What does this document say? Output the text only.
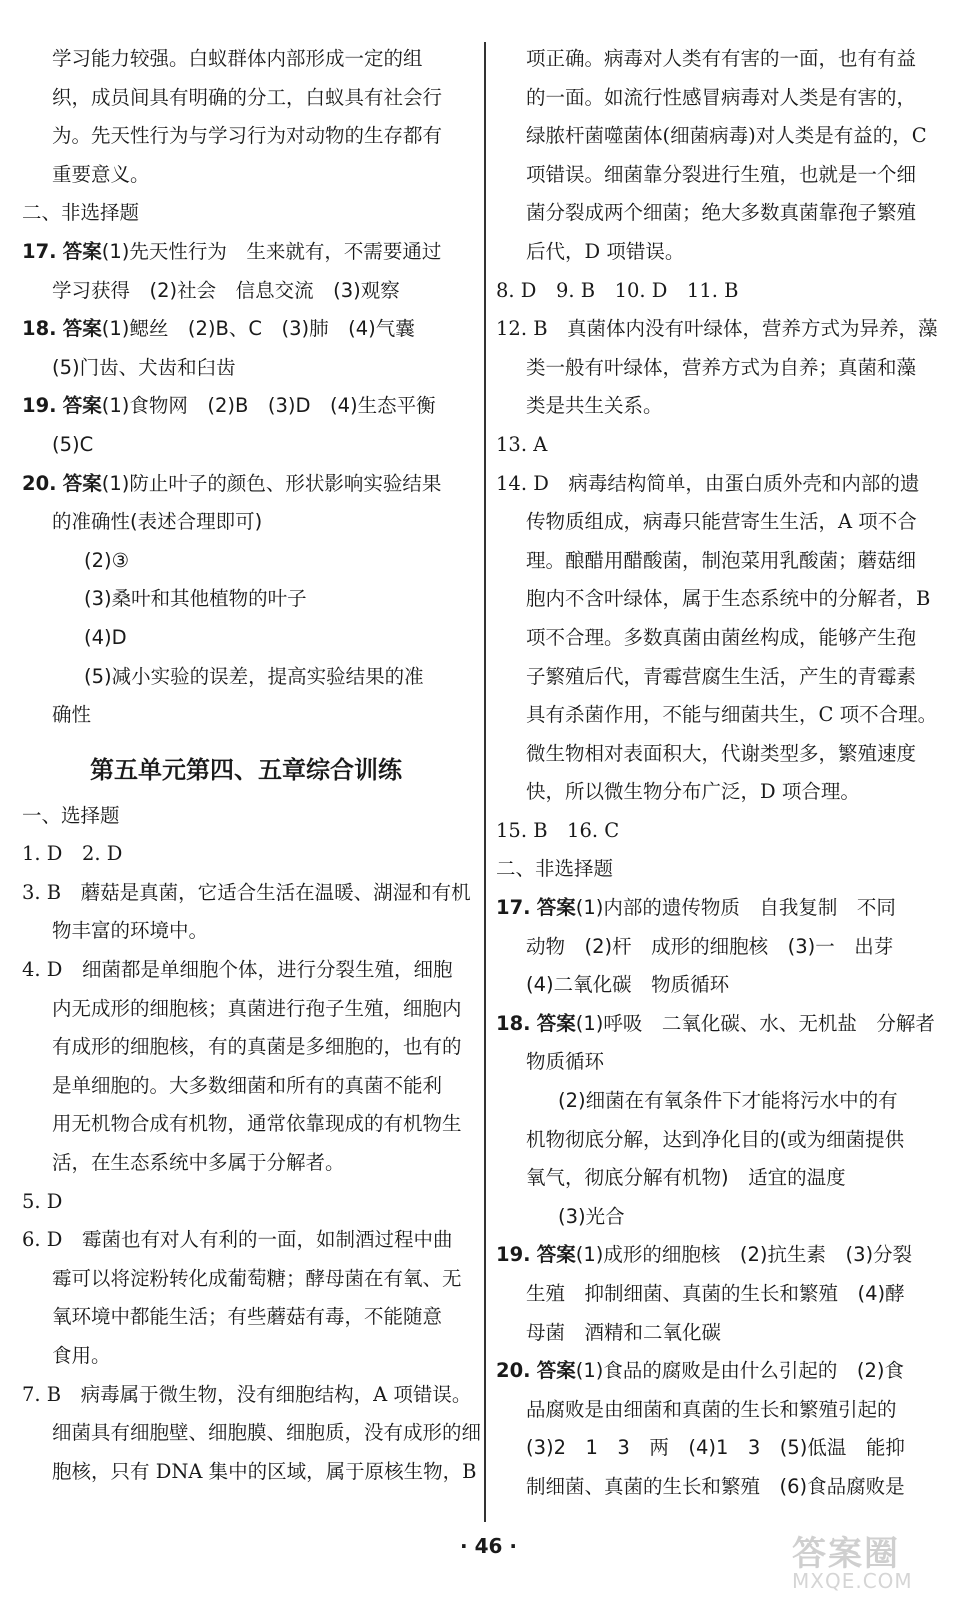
学习能力较强。白蚁群体内部形成一定的组
织，成员间具有明确的分工，白蚁具有社会行
为。先天性行为与学习行为对动物的生存都有
重要意义。
二、非选择题
17. 答案(1)先天性行为　生来就有，不需要通过
学习获得　(2)社会　信息交流　(3)观察
18. 答案(1)鳃丝　(2)B、C　(3)肺　(4)气囊
(5)门齿、犬齿和臼齿
19. 答案(1)食物网　(2)B　(3)D　(4)生态平衡
(5)C
20. 答案(1)防止叶子的颜色、形状影响实验结果
的准确性(表述合理即可)
(2)③
(3)桑叶和其他植物的叶子
(4)D
(5)减小实验的误差，提高实验结果的准
确性
第五单元第四、五章综合训练
一、选择题
1. D　2. D
3. B　蘑菇是真菌，它适合生活在温暖、湖湿和有机
物丰富的环境中。
4. D　细菌都是单细胞个体，进行分裂生殖，细胞
内无成形的细胞核；真菌进行孢子生殖，细胞内
有成形的细胞核，有的真菌是多细胞的，也有的
是单细胞的。大多数细菌和所有的真菌不能利
用无机物合成有机物，通常依靠现成的有机物生
活，在生态系统中多属于分解者。
5. D
6. D　霉菌也有对人有利的一面，如制酒过程中曲
霉可以将淀粉转化成葡萄糖；酵母菌在有氧、无
氧环境中都能生活；有些蘑菇有毒，不能随意
食用。
7. B　病毒属于微生物，没有细胞结构，A 项错误。
细菌具有细胞壁、细胞膜、细胞质，没有成形的细
胞核，只有 DNA 集中的区域，属于原核生物，B
项正确。病毒对人类有有害的一面，也有有益
的一面。如流行性感冒病毒对人类是有害的，
绿脓杆菌噬菌体(细菌病毒)对人类是有益的，C
项错误。细菌靠分裂进行生殖，也就是一个细
菌分裂成两个细菌；绝大多数真菌靠孢子繁殖
后代，D 项错误。
8. D　9. B　10. D　11. B
12. B　真菌体内没有叶绿体，营养方式为异养，藻
类一般有叶绿体，营养方式为自养；真菌和藻
类是共生关系。
13. A
14. D　病毒结构简单，由蛋白质外壳和内部的遗
传物质组成，病毒只能营寄生生活，A 项不合
理。酿醋用醋酸菌，制泡菜用乳酸菌；蘑菇细
胞内不含叶绿体，属于生态系统中的分解者，B
项不合理。多数真菌由菌丝构成，能够产生孢
子繁殖后代，青霉营腐生生活，产生的青霉素
具有杀菌作用，不能与细菌共生，C 项不合理。
微生物相对表面积大，代谢类型多，繁殖速度
快，所以微生物分布广泛，D 项合理。
15. B　16. C
二、非选择题
17. 答案(1)内部的遗传物质　自我复制　不同
动物　(2)杆　成形的细胞核　(3)一　出芽
(4)二氧化碳　物质循环
18. 答案(1)呼吸　二氧化碳、水、无机盐　分解者
物质循环
(2)细菌在有氧条件下才能将污水中的有
机物彻底分解，达到净化目的(或为细菌提供
氧气，彻底分解有机物)　适宜的温度
(3)光合
19. 答案(1)成形的细胞核　(2)抗生素　(3)分裂
生殖　抑制细菌、真菌的生长和繁殖　(4)酵
母菌　酒精和二氧化碳
20. 答案(1)食品的腐败是由什么引起的　(2)食
品腐败是由细菌和真菌的生长和繁殖引起的
(3)2　1　3　两　(4)1　3　(5)低温　能抑
制细菌、真菌的生长和繁殖　(6)食品腐败是
· 46 ·	答案圈
MXQE.COM
